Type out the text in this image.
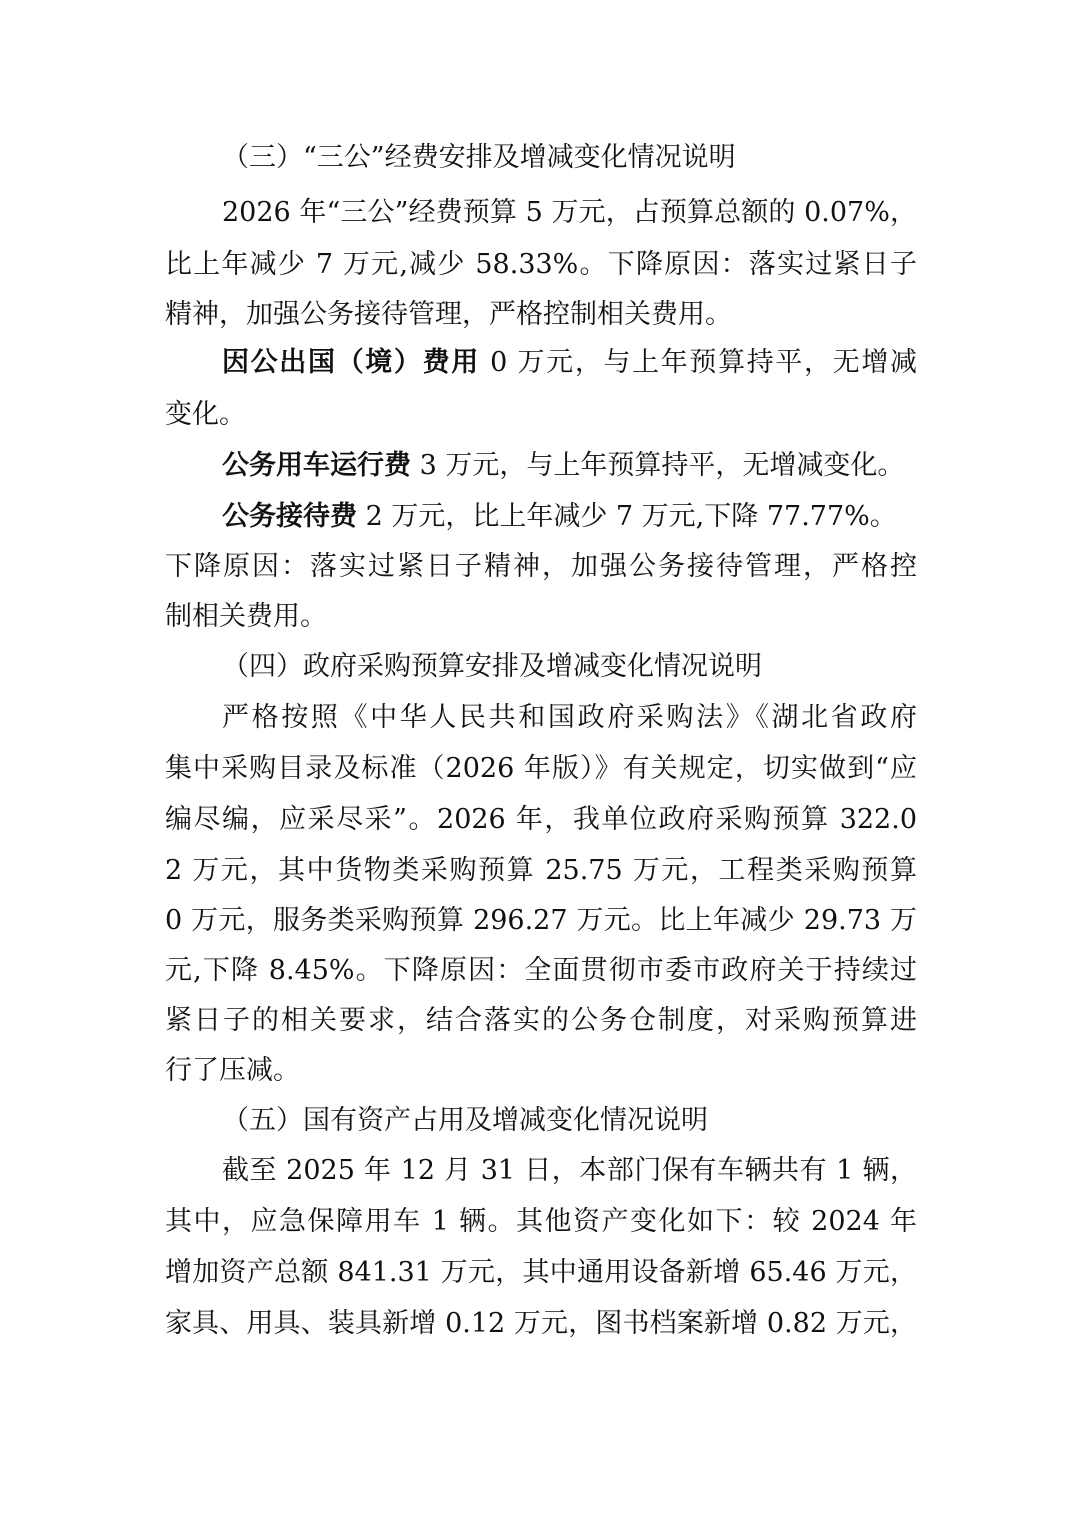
（三）“三公”经费安排及增减变化情况说明
2026 年“三公”经费预算 5 万元，占预算总额的 0.07%，
比上年减少 7 万元,减少 58.33%。下降原因：落实过紧日子
精神，加强公务接待管理，严格控制相关费用。
因公出国（境）费用 0 万元，与上年预算持平，无增减
变化。
公务用车运行费 3 万元，与上年预算持平，无增减变化。
公务接待费 2 万元，比上年减少 7 万元,下降 77.77%。
下降原因：落实过紧日子精神，加强公务接待管理，严格控
制相关费用。
（四）政府采购预算安排及增减变化情况说明
严格按照《中华人民共和国政府采购法》《湖北省政府
集中采购目录及标准（2026 年版）》有关规定，切实做到“应
编尽编，应采尽采”。2026 年，我单位政府采购预算 322.0
2 万元，其中货物类采购预算 25.75 万元，工程类采购预算
0 万元，服务类采购预算 296.27 万元。比上年减少 29.73 万
元,下降 8.45%。下降原因：全面贯彻市委市政府关于持续过
紧日子的相关要求，结合落实的公务仓制度，对采购预算进
行了压减。
（五）国有资产占用及增减变化情况说明
截至 2025 年 12 月 31 日，本部门保有车辆共有 1 辆，
其中，应急保障用车 1 辆。其他资产变化如下：较 2024 年
增加资产总额 841.31 万元，其中通用设备新增 65.46 万元，
家具、用具、装具新增 0.12 万元，图书档案新增 0.82 万元，
